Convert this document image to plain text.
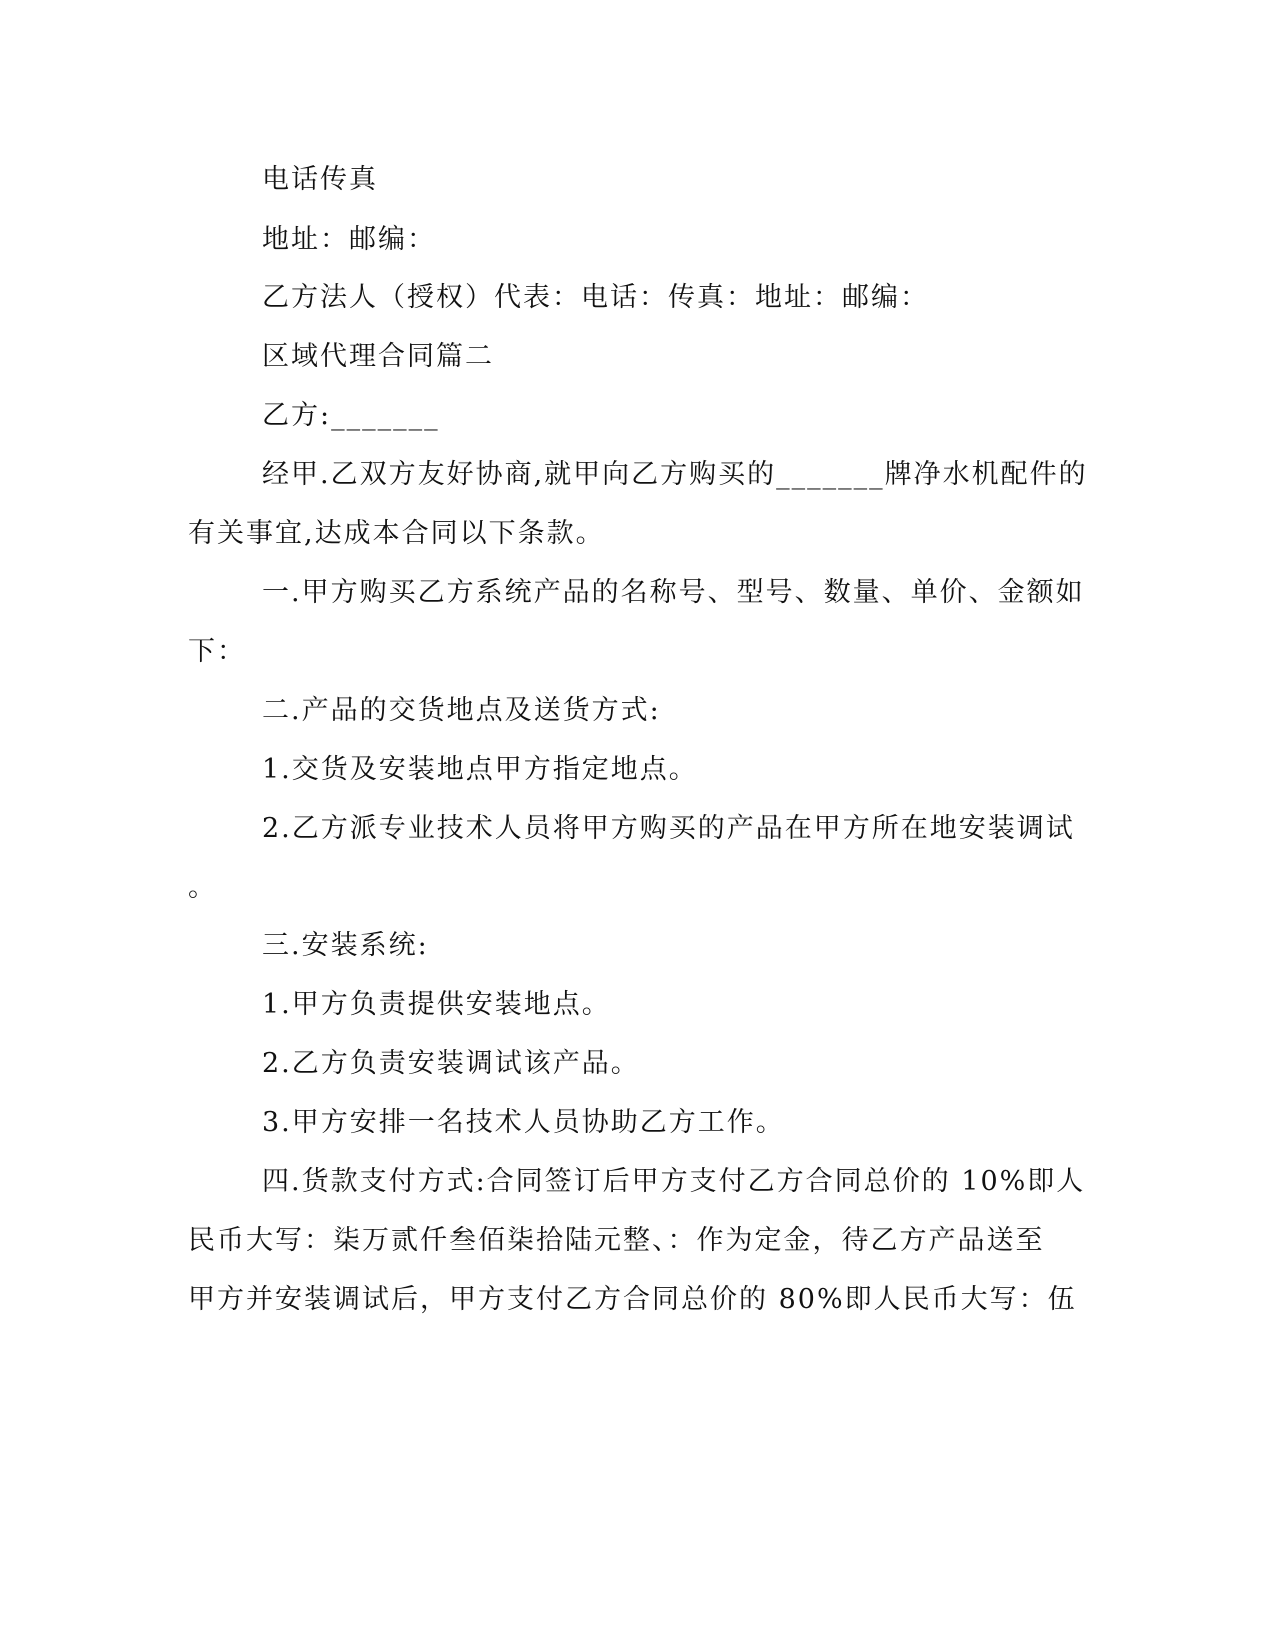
电话传真
地址：邮编：
乙方法人（授权）代表：电话：传真：地址：邮编：
区域代理合同篇二
乙方:_______
经甲.乙双方友好协商,就甲向乙方购买的_______牌净水机配件的
有关事宜,达成本合同以下条款。
一.甲方购买乙方系统产品的名称号、型号、数量、单价、金额如
下：
二.产品的交货地点及送货方式:
1.交货及安装地点甲方指定地点。
2.乙方派专业技术人员将甲方购买的产品在甲方所在地安装调试
。
三.安装系统:
1.甲方负责提供安装地点。
2.乙方负责安装调试该产品。
3.甲方安排一名技术人员协助乙方工作。
四.货款支付方式:合同签订后甲方支付乙方合同总价的 10%即人
民币大写：柒万贰仟叁佰柒拾陆元整、：作为定金，待乙方产品送至
甲方并安装调试后，甲方支付乙方合同总价的 80%即人民币大写：伍
